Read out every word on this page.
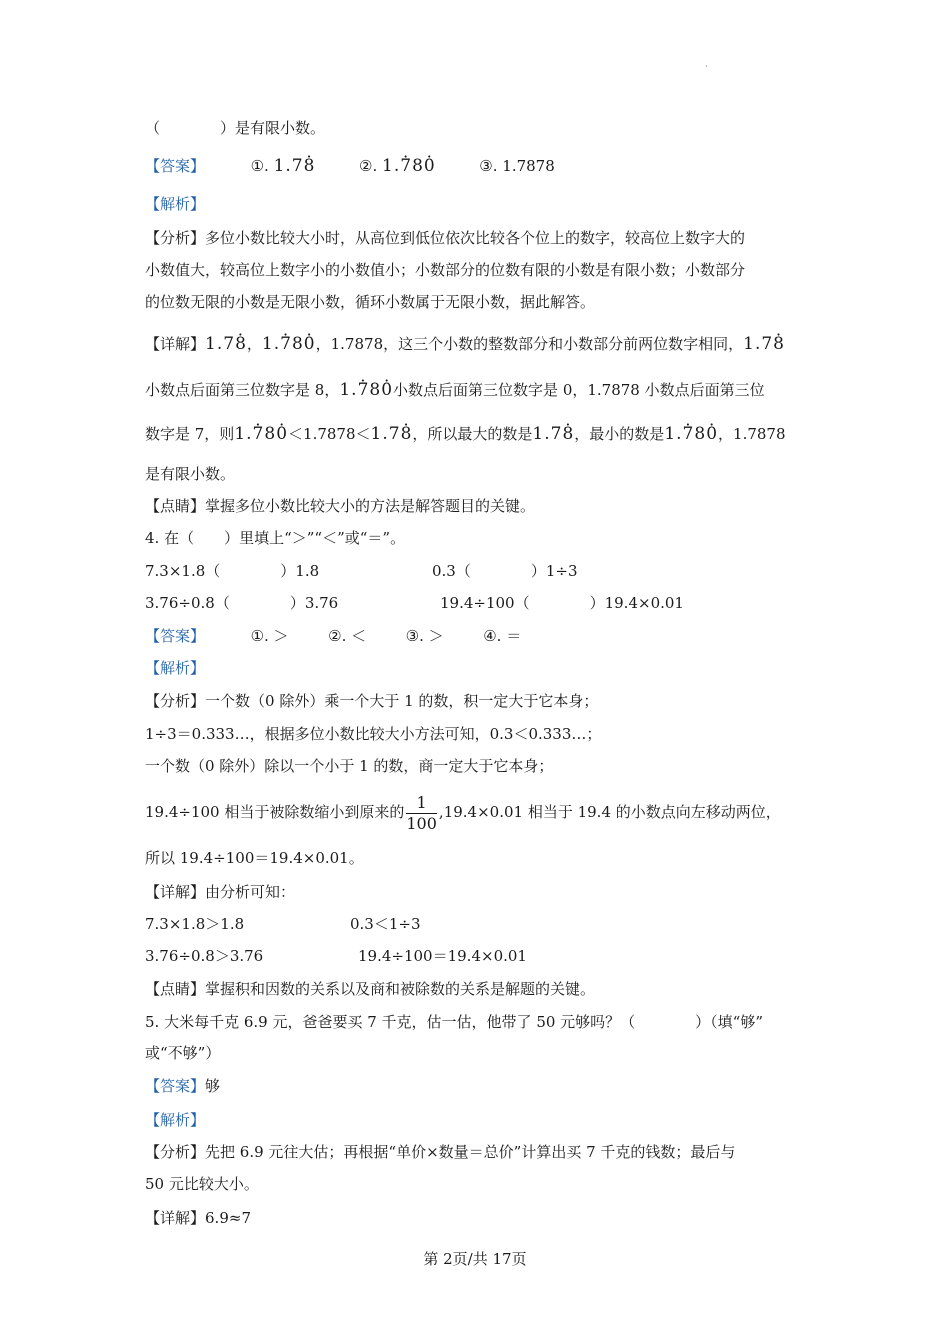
·
（　　　　）是有限小数。
【答案】	①. 1.7· 8	②. 1.· 78· 0	③. 1.7878
【解析】
【分析】多位小数比较大小时，从高位到低位依次比较各个位上的数字，较高位上数字大的
小数值大，较高位上数字小的小数值小；小数部分的位数有限的小数是有限小数；小数部分
的位数无限的小数是无限小数，循环小数属于无限小数，据此解答。
【详解】1.7· 8，1.· 78· 0，1.7878，这三个小数的整数部分和小数部分前两位数字相同，1.7· 8
小数点后面第三位数字是 8，1.· 78· 0小数点后面第三位数字是 0，1.7878 小数点后面第三位
数字是 7，则1.· 78· 0＜1.7878＜1.7· 8，所以最大的数是1.7· 8，最小的数是1.· 78· 0，1.7878
是有限小数。
【点睛】掌握多位小数比较大小的方法是解答题目的关键。
4. 在（　　）里填上“＞”“＜”或“＝”。
7.3×1.8（　　　　）1.8	0.3（　　　　）1÷3
3.76÷0.8（　　　　）3.76	19.4÷100（　　　　）19.4×0.01
【答案】	①. ＞	②. ＜	③. ＞	④. ＝
【解析】
【分析】一个数（0 除外）乘一个大于 1 的数，积一定大于它本身；
1÷3＝0.333…，根据多位小数比较大小方法可知，0.3＜0.333…；
一个数（0 除外）除以一个小于 1 的数，商一定大于它本身；
19.4÷100 相当于被除数缩小到原来的 $\frac{1}{100} ,19.4\times 0.01$ 相当于 19.4 的小数点向左移动两位，
所以 19.4÷100＝19.4×0.01。
【详解】由分析可知：
7.3×1.8＞1.8	0.3＜1÷3
3.76÷0.8＞3.76	19.4÷100＝19.4×0.01
【点睛】掌握积和因数的关系以及商和被除数的关系是解题的关键。
5. 大米每千克 6.9 元，爸爸要买 7 千克，估一估，他带了 50 元够吗？（　　　　）（填“够”
或“不够”）
【答案】够
【解析】
【分析】先把 6.9 元往大估；再根据“单价×数量＝总价”计算出买 7 千克的钱数；最后与
50 元比较大小。
【详解】6.9≈7
第 2页/共 17页
